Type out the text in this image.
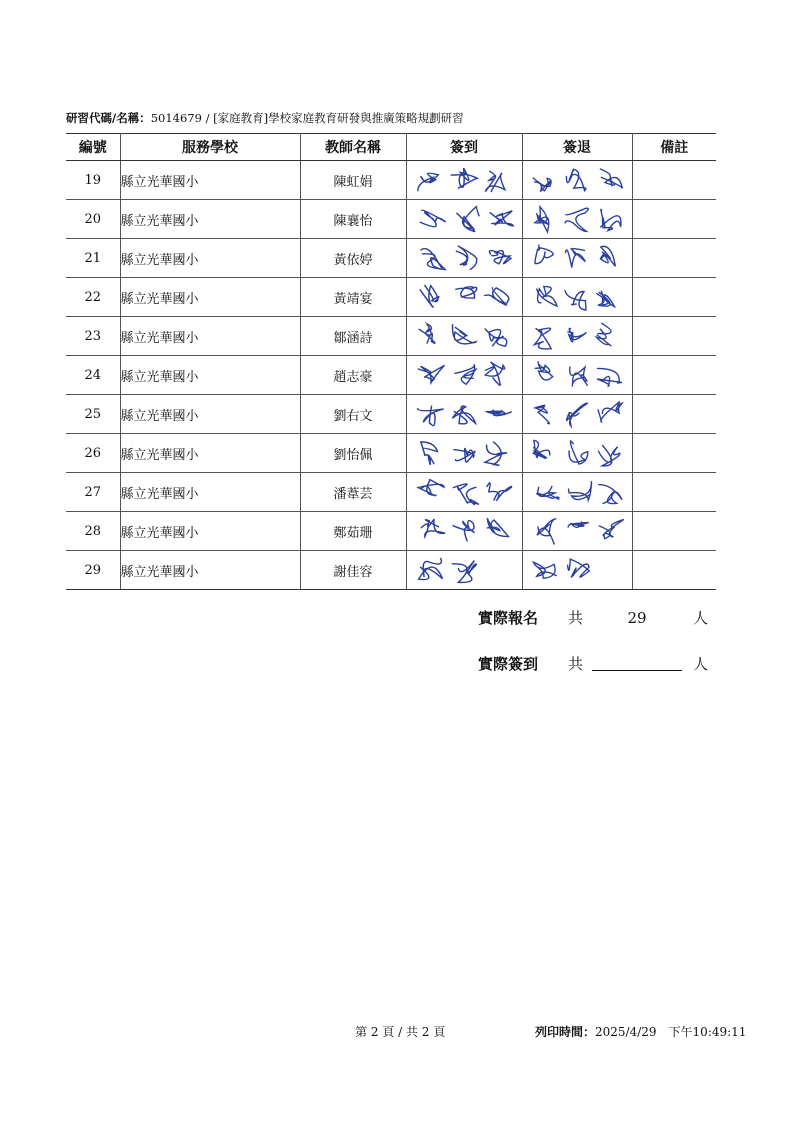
研習代碼/名稱：5014679 / [家庭教育]學校家庭教育研發與推廣策略規劃研習
編號	服務學校	教師名稱	簽到	簽退	備註
19	縣立光華國小	陳虹娟	

20	縣立光華國小	陳襄怡	

21	縣立光華國小	黃依婷	

22	縣立光華國小	黃靖宴	

23	縣立光華國小	鄒涵詩	

24	縣立光華國小	趙志豪	

25	縣立光華國小	劉右文	

26	縣立光華國小	劉怡佩	

27	縣立光華國小	潘葦芸	

28	縣立光華國小	鄭茹珊	

29	縣立光華國小	謝佳容	

實際報名 共	29	人
實際簽到 共	人
第 2 頁 / 共 2 頁	列印時間：2025/4/29　下午10:49:11
